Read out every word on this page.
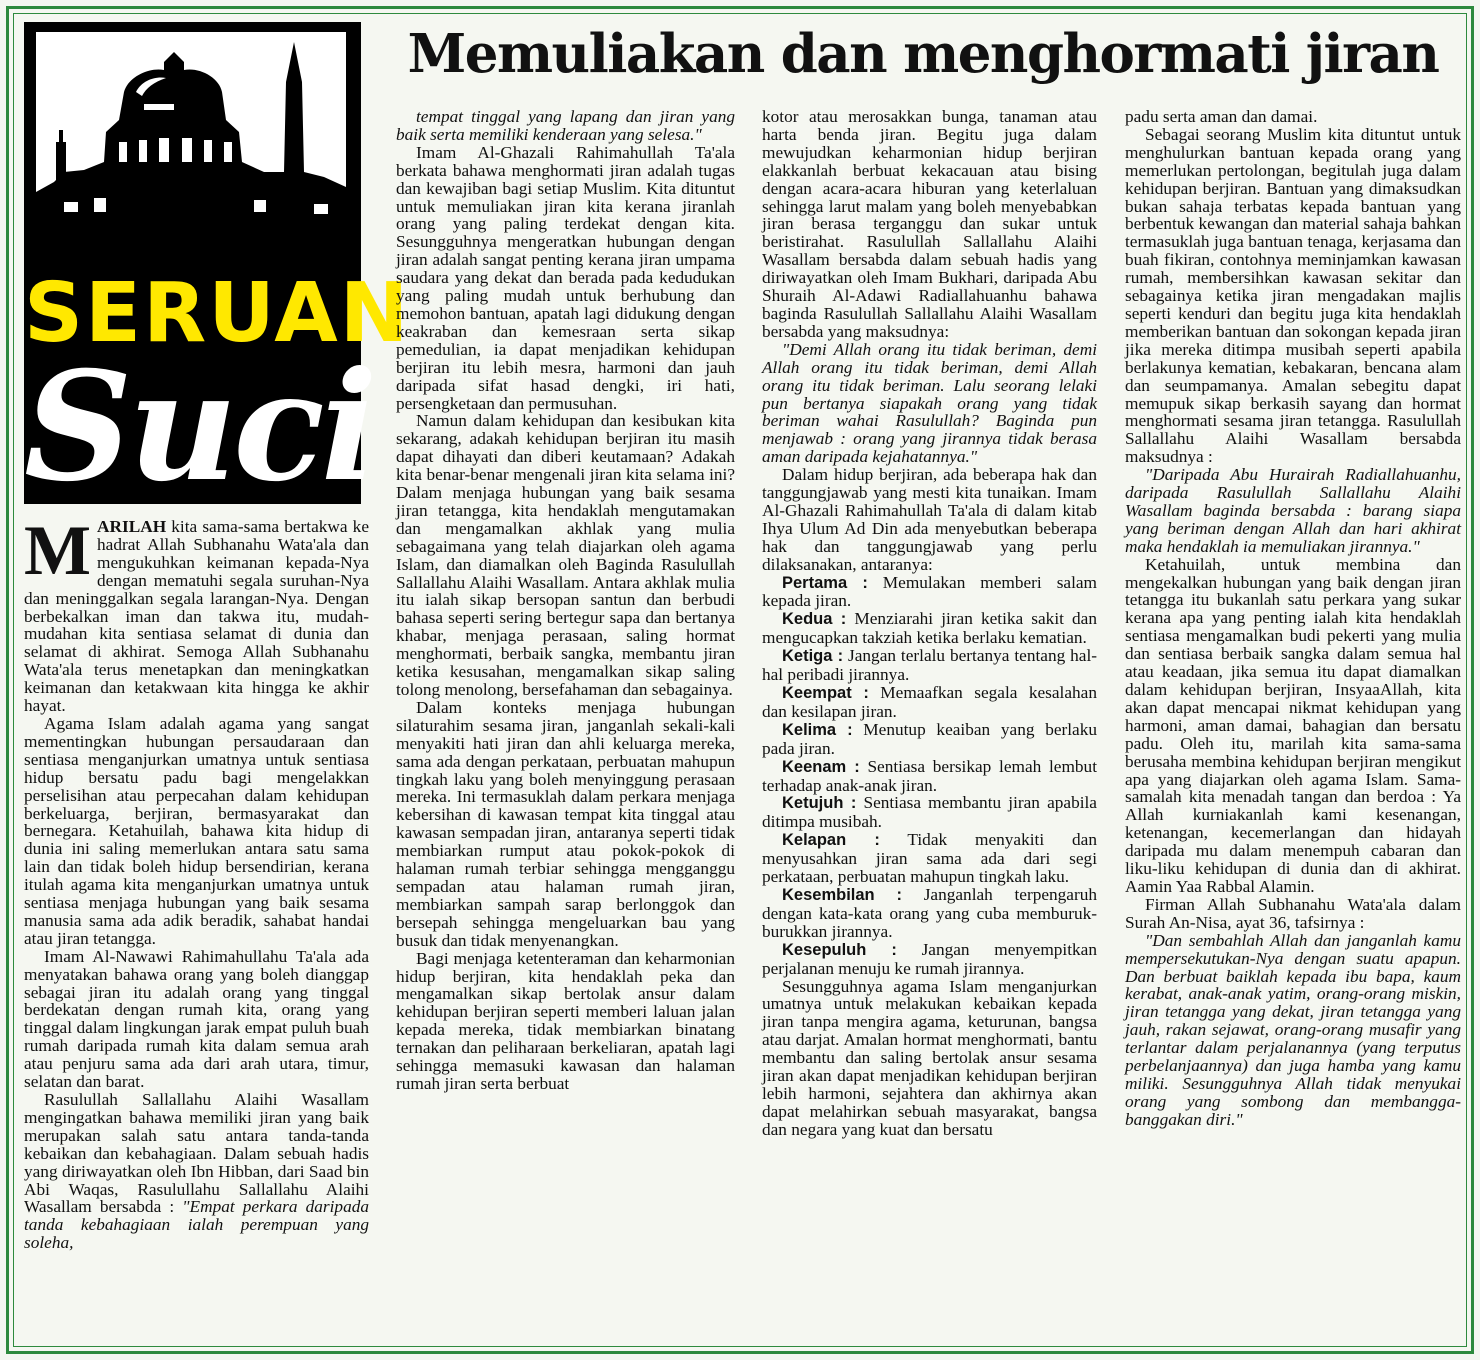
Memuliakan dan menghormati jiran
SERUAN
Suci

MARILAH kita sama-sama bertakwa ke hadrat Allah Subhanahu Wata'ala dan mengukuhkan keimanan kepada-Nya dengan mematuhi segala suruhan-Nya dan meninggalkan segala larangan-Nya. Dengan berbekalkan iman dan takwa itu, mudah-mudahan kita sentiasa selamat di dunia dan selamat di akhirat. Semoga Allah Subhanahu Wata'ala terus menetapkan dan meningkatkan keimanan dan ketakwaan kita hingga ke akhir hayat.

Agama Islam adalah agama yang sangat mementingkan hubungan persaudaraan dan sentiasa menganjurkan umatnya untuk sentiasa hidup bersatu padu bagi mengelakkan perselisihan atau perpecahan dalam kehidupan berkeluarga, berjiran, bermasyarakat dan bernegara. Ketahuilah, bahawa kita hidup di dunia ini saling memerlukan antara satu sama lain dan tidak boleh hidup bersendirian, kerana itulah agama kita menganjurkan umatnya untuk sentiasa menjaga hubungan yang baik sesama manusia sama ada adik beradik, sahabat handai atau jiran tetangga.

Imam Al-Nawawi Rahimahullahu Ta'ala ada menyatakan bahawa orang yang boleh dianggap sebagai jiran itu adalah orang yang tinggal berdekatan dengan rumah kita, orang yang tinggal dalam lingkungan jarak empat puluh buah rumah daripada rumah kita dalam semua arah atau penjuru sama ada dari arah utara, timur, selatan dan barat.

Rasulullah Sallallahu Alaihi Wasallam mengingatkan bahawa memiliki jiran yang baik merupakan salah satu antara tanda-tanda kebaikan dan kebahagiaan. Dalam sebuah hadis yang diriwayatkan oleh Ibn Hibban, dari Saad bin Abi Waqas, Rasulullahu Sallallahu Alaihi Wasallam bersabda : "Empat perkara daripada tanda kebahagiaan ialah perempuan yang soleha,

tempat tinggal yang lapang dan jiran yang baik serta memiliki kenderaan yang selesa."

Imam Al-Ghazali Rahimahullah Ta'ala berkata bahawa menghormati jiran adalah tugas dan kewajiban bagi setiap Muslim. Kita dituntut untuk memuliakan jiran kita kerana jiranlah orang yang paling terdekat dengan kita. Sesungguhnya mengeratkan hubungan dengan jiran adalah sangat penting kerana jiran umpama saudara yang dekat dan berada pada kedudukan yang paling mudah untuk berhubung dan memohon bantuan, apatah lagi didukung dengan keakraban dan kemesraan serta sikap pemedulian, ia dapat menjadikan kehidupan berjiran itu lebih mesra, harmoni dan jauh daripada sifat hasad dengki, iri hati, persengketaan dan permusuhan.

Namun dalam kehidupan dan kesibukan kita sekarang, adakah kehidupan berjiran itu masih dapat dihayati dan diberi keutamaan? Adakah kita benar-benar mengenali jiran kita selama ini? Dalam menjaga hubungan yang baik sesama jiran tetangga, kita hendaklah mengutamakan dan mengamalkan akhlak yang mulia sebagaimana yang telah diajarkan oleh agama Islam, dan diamalkan oleh Baginda Rasulullah Sallallahu Alaihi Wasallam. Antara akhlak mulia itu ialah sikap bersopan santun dan berbudi bahasa seperti sering bertegur sapa dan bertanya khabar, menjaga perasaan, saling hormat menghormati, berbaik sangka, membantu jiran ketika kesusahan, mengamalkan sikap saling tolong menolong, bersefahaman dan sebagainya.

Dalam konteks menjaga hubungan silaturahim sesama jiran, janganlah sekali-kali menyakiti hati jiran dan ahli keluarga mereka, sama ada dengan perkataan, perbuatan mahupun tingkah laku yang boleh menyinggung perasaan mereka. Ini termasuklah dalam perkara menjaga kebersihan di kawasan tempat kita tinggal atau kawasan sempadan jiran, antaranya seperti tidak membiarkan rumput atau pokok-pokok di halaman rumah terbiar sehingga mengganggu sempadan atau halaman rumah jiran, membiarkan sampah sarap berlonggok dan bersepah sehingga mengeluarkan bau yang busuk dan tidak menyenangkan.

Bagi menjaga ketenteraman dan keharmonian hidup berjiran, kita hendaklah peka dan mengamalkan sikap bertolak ansur dalam kehidupan berjiran seperti memberi laluan jalan kepada mereka, tidak membiarkan binatang ternakan dan peliharaan berkeliaran, apatah lagi sehingga memasuki kawasan dan halaman rumah jiran serta berbuat

kotor atau merosakkan bunga, tanaman atau harta benda jiran. Begitu juga dalam mewujudkan keharmonian hidup berjiran elakkanlah berbuat kekacauan atau bising dengan acara-acara hiburan yang keterlaluan sehingga larut malam yang boleh menyebabkan jiran berasa terganggu dan sukar untuk beristirahat. Rasulullah Sallallahu Alaihi Wasallam bersabda dalam sebuah hadis yang diriwayatkan oleh Imam Bukhari, daripada Abu Shuraih Al-Adawi Radiallahuanhu bahawa baginda Rasulullah Sallallahu Alaihi Wasallam bersabda yang maksudnya:

"Demi Allah orang itu tidak beriman, demi Allah orang itu tidak beriman, demi Allah orang itu tidak beriman. Lalu seorang lelaki pun bertanya siapakah orang yang tidak beriman wahai Rasulullah? Baginda pun menjawab : orang yang jirannya tidak berasa aman daripada kejahatannya."

Dalam hidup berjiran, ada beberapa hak dan tanggungjawab yang mesti kita tunaikan. Imam Al-Ghazali Rahimahullah Ta'ala di dalam kitab Ihya Ulum Ad Din ada menyebutkan beberapa hak dan tanggungjawab yang perlu dilaksanakan, antaranya:

Pertama : Memulakan memberi salam kepada jiran.

Kedua : Menziarahi jiran ketika sakit dan mengucapkan takziah ketika berlaku kematian.

Ketiga : Jangan terlalu bertanya tentang hal-hal peribadi jirannya.

Keempat : Memaafkan segala kesalahan dan kesilapan jiran.

Kelima : Menutup keaiban yang berlaku pada jiran.

Keenam : Sentiasa bersikap lemah lembut terhadap anak-anak jiran.

Ketujuh : Sentiasa membantu jiran apabila ditimpa musibah.

Kelapan : Tidak menyakiti dan menyusahkan jiran sama ada dari segi perkataan, perbuatan mahupun tingkah laku.

Kesembilan : Janganlah terpengaruh dengan kata-kata orang yang cuba memburuk-burukkan jirannya.

Kesepuluh : Jangan menyempitkan perjalanan menuju ke rumah jirannya.

Sesungguhnya agama Islam menganjurkan umatnya untuk melakukan kebaikan kepada jiran tanpa mengira agama, keturunan, bangsa atau darjat. Amalan hormat menghormati, bantu membantu dan saling bertolak ansur sesama jiran akan dapat menjadikan kehidupan berjiran lebih harmoni, sejahtera dan akhirnya akan dapat melahirkan sebuah masyarakat, bangsa dan negara yang kuat dan bersatu

padu serta aman dan damai.

Sebagai seorang Muslim kita dituntut untuk menghulurkan bantuan kepada orang yang memerlukan pertolongan, begitulah juga dalam kehidupan berjiran. Bantuan yang dimaksudkan bukan sahaja terbatas kepada bantuan yang berbentuk kewangan dan material sahaja bahkan termasuklah juga bantuan tenaga, kerjasama dan buah fikiran, contohnya meminjamkan kawasan rumah, membersihkan kawasan sekitar dan sebagainya ketika jiran mengadakan majlis seperti kenduri dan begitu juga kita hendaklah memberikan bantuan dan sokongan kepada jiran jika mereka ditimpa musibah seperti apabila berlakunya kematian, kebakaran, bencana alam dan seumpamanya. Amalan sebegitu dapat memupuk sikap berkasih sayang dan hormat menghormati sesama jiran tetangga. Rasulullah Sallallahu Alaihi Wasallam bersabda maksudnya :

"Daripada Abu Hurairah Radiallahuanhu, daripada Rasulullah Sallallahu Alaihi Wasallam baginda bersabda : barang siapa yang beriman dengan Allah dan hari akhirat maka hendaklah ia memuliakan jirannya."

Ketahuilah, untuk membina dan mengekalkan hubungan yang baik dengan jiran tetangga itu bukanlah satu perkara yang sukar kerana apa yang penting ialah kita hendaklah sentiasa mengamalkan budi pekerti yang mulia dan sentiasa berbaik sangka dalam semua hal atau keadaan, jika semua itu dapat diamalkan dalam kehidupan berjiran, InsyaaAllah, kita akan dapat mencapai nikmat kehidupan yang harmoni, aman damai, bahagian dan bersatu padu. Oleh itu, marilah kita sama-sama berusaha membina kehidupan berjiran mengikut apa yang diajarkan oleh agama Islam. Sama-samalah kita menadah tangan dan berdoa : Ya Allah kurniakanlah kami kesenangan, ketenangan, kecemerlangan dan hidayah daripada mu dalam menempuh cabaran dan liku-liku kehidupan di dunia dan di akhirat. Aamin Yaa Rabbal Alamin.

Firman Allah Subhanahu Wata'ala dalam Surah An-Nisa, ayat 36, tafsirnya :

"Dan sembahlah Allah dan janganlah kamu mempersekutukan-Nya dengan suatu apapun. Dan berbuat baiklah kepada ibu bapa, kaum kerabat, anak-anak yatim, orang-orang miskin, jiran tetangga yang dekat, jiran tetangga yang jauh, rakan sejawat, orang-orang musafir yang terlantar dalam perjalanannya (yang terputus perbelanjaannya) dan juga hamba yang kamu miliki. Sesungguhnya Allah tidak menyukai orang yang sombong dan membangga-banggakan diri."
